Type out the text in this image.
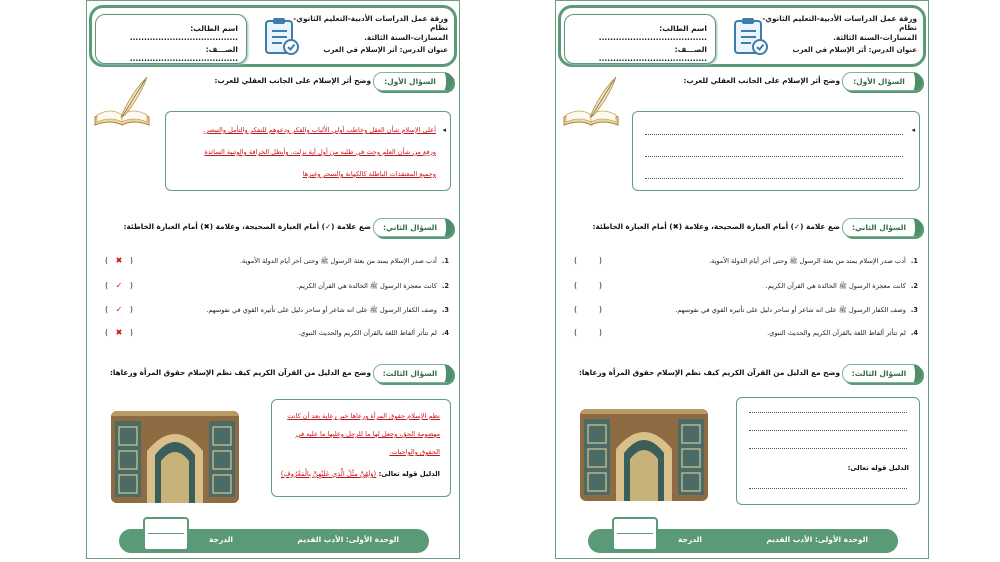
ورقة عمل الدراسات الأدبية-التعليم الثانوي-نظام
المسارات-السنة الثالثة.
عنوان الدرس: أثر الإسلام في العرب
اسم الطالب: ......................................
الصـــف: ......................................
السؤال الأول:
وضح أثر الإسلام على الجانب العقلي للعرب:
◂
أعلى الإسلام شأن العقل وخاطب أولي الألباب والفكر ودعوهم للتفكر والتأمل والتبصر.
ورفع من شأن العلم وحث في طلبه من أول آية نزلت. وأبطل الخرافة والوثنية السائدة
وجميع المعتقدات الباطلة كالكهانة والسحر وغيرها
السؤال الثاني:
ضع علامة (✓) أمام العبارة الصحيحة، وعلامة (✖) أمام العبارة الخاطئة:
1.أدب صدر الإسلام يمتد من بعثة الرسول ﷺ وحتى آخر أيام الدولة الأموية.
( ✖ )
2.كانت معجزة الرسول ﷺ الخالدة هي القرآن الكريم.
( ✓ )
3.وصف الكفار الرسول ﷺ على انه شاعر أو ساحر دليل على تأثيره القوي في نفوسهم.
( ✓ )
4.لم تتأثر ألفاظ اللغة بالقرآن الكريم والحديث النبوي.
( ✖ )
السؤال الثالث:
وضح مع الدليل من القرآن الكريم كيف نظم الإسلام حقوق المرأة ورعاها:
نظم الإسلام حقوق المرأة ورعاها خير رعاية بعد أن كانت
مهضومة الحق، وجعل لها ما للرجل وعليها ما عليه في
الحقوق والواجبات.
الدليل قوله تعالى: (وَلَهُنَّ مِثْلُ الَّذِي عَلَيْهِنَّ بِالْمَعْرُوفِ)
الوحدة الأولى: الأدب القديم
الدرجة
ورقة عمل الدراسات الأدبية-التعليم الثانوي-نظام
المسارات-السنة الثالثة.
عنوان الدرس: أثر الإسلام في العرب
اسم الطالب: ......................................
الصـــف: ......................................
السؤال الأول:
وضح أثر الإسلام على الجانب العقلي للعرب:
◂
السؤال الثاني:
ضع علامة (✓) أمام العبارة الصحيحة، وعلامة (✖) أمام العبارة الخاطئة:
1.أدب صدر الإسلام يمتد من بعثة الرسول ﷺ وحتى آخر أيام الدولة الأموية.
(	)
2.كانت معجزة الرسول ﷺ الخالدة هي القرآن الكريم.
(	)
3.وصف الكفار الرسول ﷺ على انه شاعر أو ساحر دليل على تأثيره القوي في نفوسهم.
(	)
4.لم تتأثر ألفاظ اللغة بالقرآن الكريم والحديث النبوي.
(	)
السؤال الثالث:
وضح مع الدليل من القرآن الكريم كيف نظم الإسلام حقوق المرأة ورعاها:
الدليل قوله تعالى:
الوحدة الأولى: الأدب القديم
الدرجة
